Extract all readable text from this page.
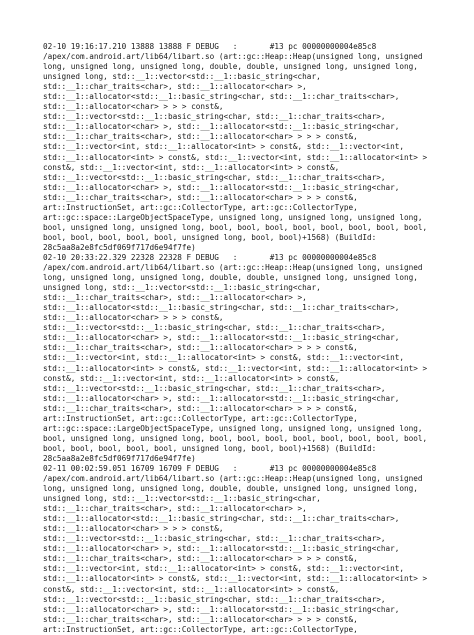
02-10 19:16:17.210 13888 13888 F DEBUG   :       #13 pc 00000000004e85c8
/apex/com.android.art/lib64/libart.so (art::gc::Heap::Heap(unsigned long, unsigned
long, unsigned long, unsigned long, double, double, unsigned long, unsigned long,
unsigned long, std::__1::vector<std::__1::basic_string<char,
std::__1::char_traits<char>, std::__1::allocator<char> >,
std::__1::allocator<std::__1::basic_string<char, std::__1::char_traits<char>,
std::__1::allocator<char> > > > const&,
std::__1::vector<std::__1::basic_string<char, std::__1::char_traits<char>,
std::__1::allocator<char> >, std::__1::allocator<std::__1::basic_string<char,
std::__1::char_traits<char>, std::__1::allocator<char> > > > const&,
std::__1::vector<int, std::__1::allocator<int> > const&, std::__1::vector<int,
std::__1::allocator<int> > const&, std::__1::vector<int, std::__1::allocator<int> >
const&, std::__1::vector<int, std::__1::allocator<int> > const&,
std::__1::vector<std::__1::basic_string<char, std::__1::char_traits<char>,
std::__1::allocator<char> >, std::__1::allocator<std::__1::basic_string<char,
std::__1::char_traits<char>, std::__1::allocator<char> > > > const&,
art::InstructionSet, art::gc::CollectorType, art::gc::CollectorType,
art::gc::space::LargeObjectSpaceType, unsigned long, unsigned long, unsigned long,
bool, unsigned long, unsigned long, bool, bool, bool, bool, bool, bool, bool, bool,
bool, bool, bool, bool, bool, unsigned long, bool, bool)+1568) (BuildId:
28c5aa8a2e8fc5df069f717d6e94f7fe)
02-10 20:33:22.329 22328 22328 F DEBUG   :       #13 pc 00000000004e85c8
/apex/com.android.art/lib64/libart.so (art::gc::Heap::Heap(unsigned long, unsigned
long, unsigned long, unsigned long, double, double, unsigned long, unsigned long,
unsigned long, std::__1::vector<std::__1::basic_string<char,
std::__1::char_traits<char>, std::__1::allocator<char> >,
std::__1::allocator<std::__1::basic_string<char, std::__1::char_traits<char>,
std::__1::allocator<char> > > > const&,
std::__1::vector<std::__1::basic_string<char, std::__1::char_traits<char>,
std::__1::allocator<char> >, std::__1::allocator<std::__1::basic_string<char,
std::__1::char_traits<char>, std::__1::allocator<char> > > > const&,
std::__1::vector<int, std::__1::allocator<int> > const&, std::__1::vector<int,
std::__1::allocator<int> > const&, std::__1::vector<int, std::__1::allocator<int> >
const&, std::__1::vector<int, std::__1::allocator<int> > const&,
std::__1::vector<std::__1::basic_string<char, std::__1::char_traits<char>,
std::__1::allocator<char> >, std::__1::allocator<std::__1::basic_string<char,
std::__1::char_traits<char>, std::__1::allocator<char> > > > const&,
art::InstructionSet, art::gc::CollectorType, art::gc::CollectorType,
art::gc::space::LargeObjectSpaceType, unsigned long, unsigned long, unsigned long,
bool, unsigned long, unsigned long, bool, bool, bool, bool, bool, bool, bool, bool,
bool, bool, bool, bool, bool, unsigned long, bool, bool)+1568) (BuildId:
28c5aa8a2e8fc5df069f717d6e94f7fe)
02-11 00:02:59.051 16709 16709 F DEBUG   :       #13 pc 00000000004e85c8
/apex/com.android.art/lib64/libart.so (art::gc::Heap::Heap(unsigned long, unsigned
long, unsigned long, unsigned long, double, double, unsigned long, unsigned long,
unsigned long, std::__1::vector<std::__1::basic_string<char,
std::__1::char_traits<char>, std::__1::allocator<char> >,
std::__1::allocator<std::__1::basic_string<char, std::__1::char_traits<char>,
std::__1::allocator<char> > > > const&,
std::__1::vector<std::__1::basic_string<char, std::__1::char_traits<char>,
std::__1::allocator<char> >, std::__1::allocator<std::__1::basic_string<char,
std::__1::char_traits<char>, std::__1::allocator<char> > > > const&,
std::__1::vector<int, std::__1::allocator<int> > const&, std::__1::vector<int,
std::__1::allocator<int> > const&, std::__1::vector<int, std::__1::allocator<int> >
const&, std::__1::vector<int, std::__1::allocator<int> > const&,
std::__1::vector<std::__1::basic_string<char, std::__1::char_traits<char>,
std::__1::allocator<char> >, std::__1::allocator<std::__1::basic_string<char,
std::__1::char_traits<char>, std::__1::allocator<char> > > > const&,
art::InstructionSet, art::gc::CollectorType, art::gc::CollectorType,
